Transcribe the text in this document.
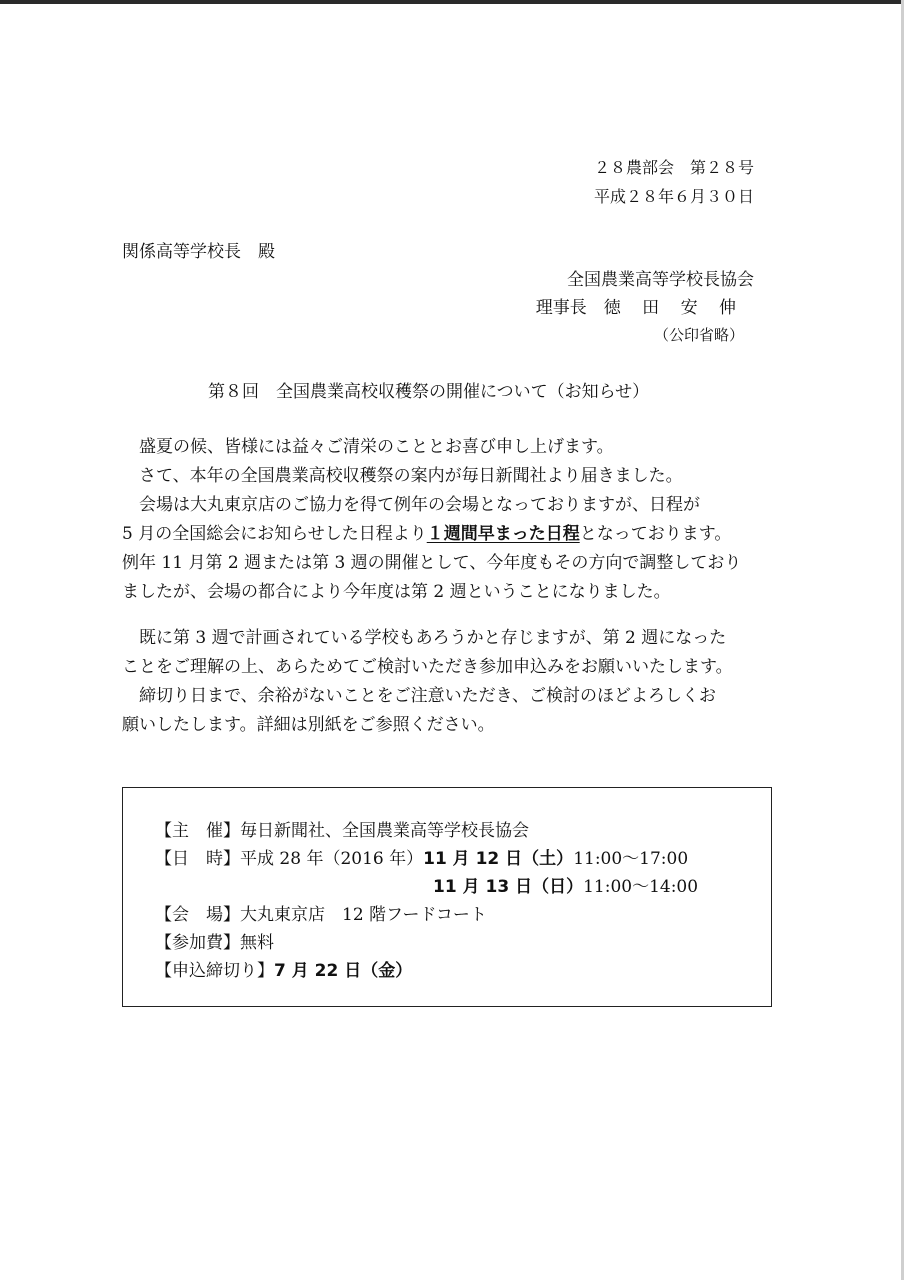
２８農部会　第２８号
平成２８年６月３０日
関係高等学校長　殿
全国農業高等学校長協会
理事長  徳 田 安 伸
（公印省略）
第８回　全国農業高校収穫祭の開催について（お知らせ）

 盛夏の候、皆様には益々ご清栄のこととお喜び申し上げます。

 さて、本年の全国農業高校収穫祭の案内が毎日新聞社より届きました。

 会場は大丸東京店のご協力を得て例年の会場となっておりますが、日程が

5 月の全国総会にお知らせした日程より１週間早まった日程となっております。

例年 11 月第 2 週または第 3 週の開催として、今年度もその方向で調整しており

ましたが、会場の都合により今年度は第 2 週ということになりました。

 既に第 3 週で計画されている学校もあろうかと存じますが、第 2 週になった

ことをご理解の上、あらためてご検討いただき参加申込みをお願いいたします。

 締切り日まで、余裕がないことをご注意いただき、ご検討のほどよろしくお

願いしたします。詳細は別紙をご参照ください。

【主　催】毎日新聞社、全国農業高等学校長協会
【日　時】平成 28 年（2016 年）11 月 12 日（土）11:00～17:00
11 月 13 日（日）11:00～14:00
【会　場】大丸東京店　12 階フードコート
【参加費】無料
【申込締切り】7 月 22 日（金）
